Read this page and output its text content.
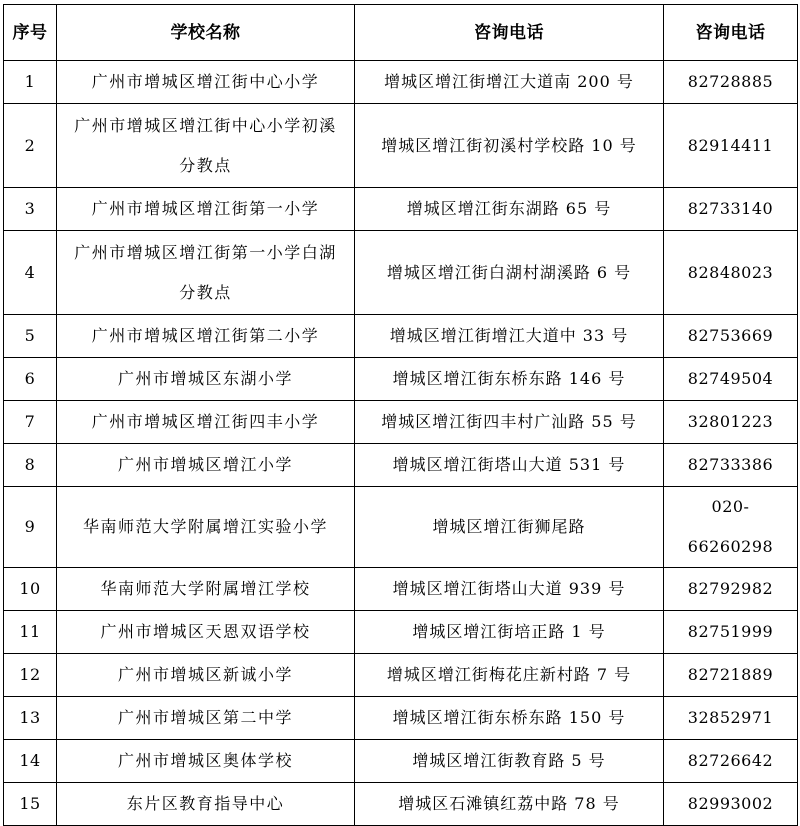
序号	学校名称	咨询电话	咨询电话
1	广州市增城区增江街中心小学	增城区增江街增江大道南 200 号	82728885
2	广州市增城区增江街中心小学初溪分教点	增城区增江街初溪村学校路 10 号	82914411
3	广州市增城区增江街第一小学	增城区增江街东湖路 65 号	82733140
4	广州市增城区增江街第一小学白湖分教点	增城区增江街白湖村湖溪路 6 号	82848023
5	广州市增城区增江街第二小学	增城区增江街增江大道中 33 号	82753669
6	广州市增城区东湖小学	增城区增江街东桥东路 146 号	82749504
7	广州市增城区增江街四丰小学	增城区增江街四丰村广汕路 55 号	32801223
8	广州市增城区增江小学	增城区增江街塔山大道 531 号	82733386
9	华南师范大学附属增江实验小学	增城区增江街狮尾路	020-66260298
10	华南师范大学附属增江学校	增城区增江街塔山大道 939 号	82792982
11	广州市增城区天恩双语学校	增城区增江街培正路 1 号	82751999
12	广州市增城区新诚小学	增城区增江街梅花庄新村路 7 号	82721889
13	广州市增城区第二中学	增城区增江街东桥东路 150 号	32852971
14	广州市增城区奥体学校	增城区增江街教育路 5 号	82726642
15	东片区教育指导中心	增城区石滩镇红荔中路 78 号	82993002
